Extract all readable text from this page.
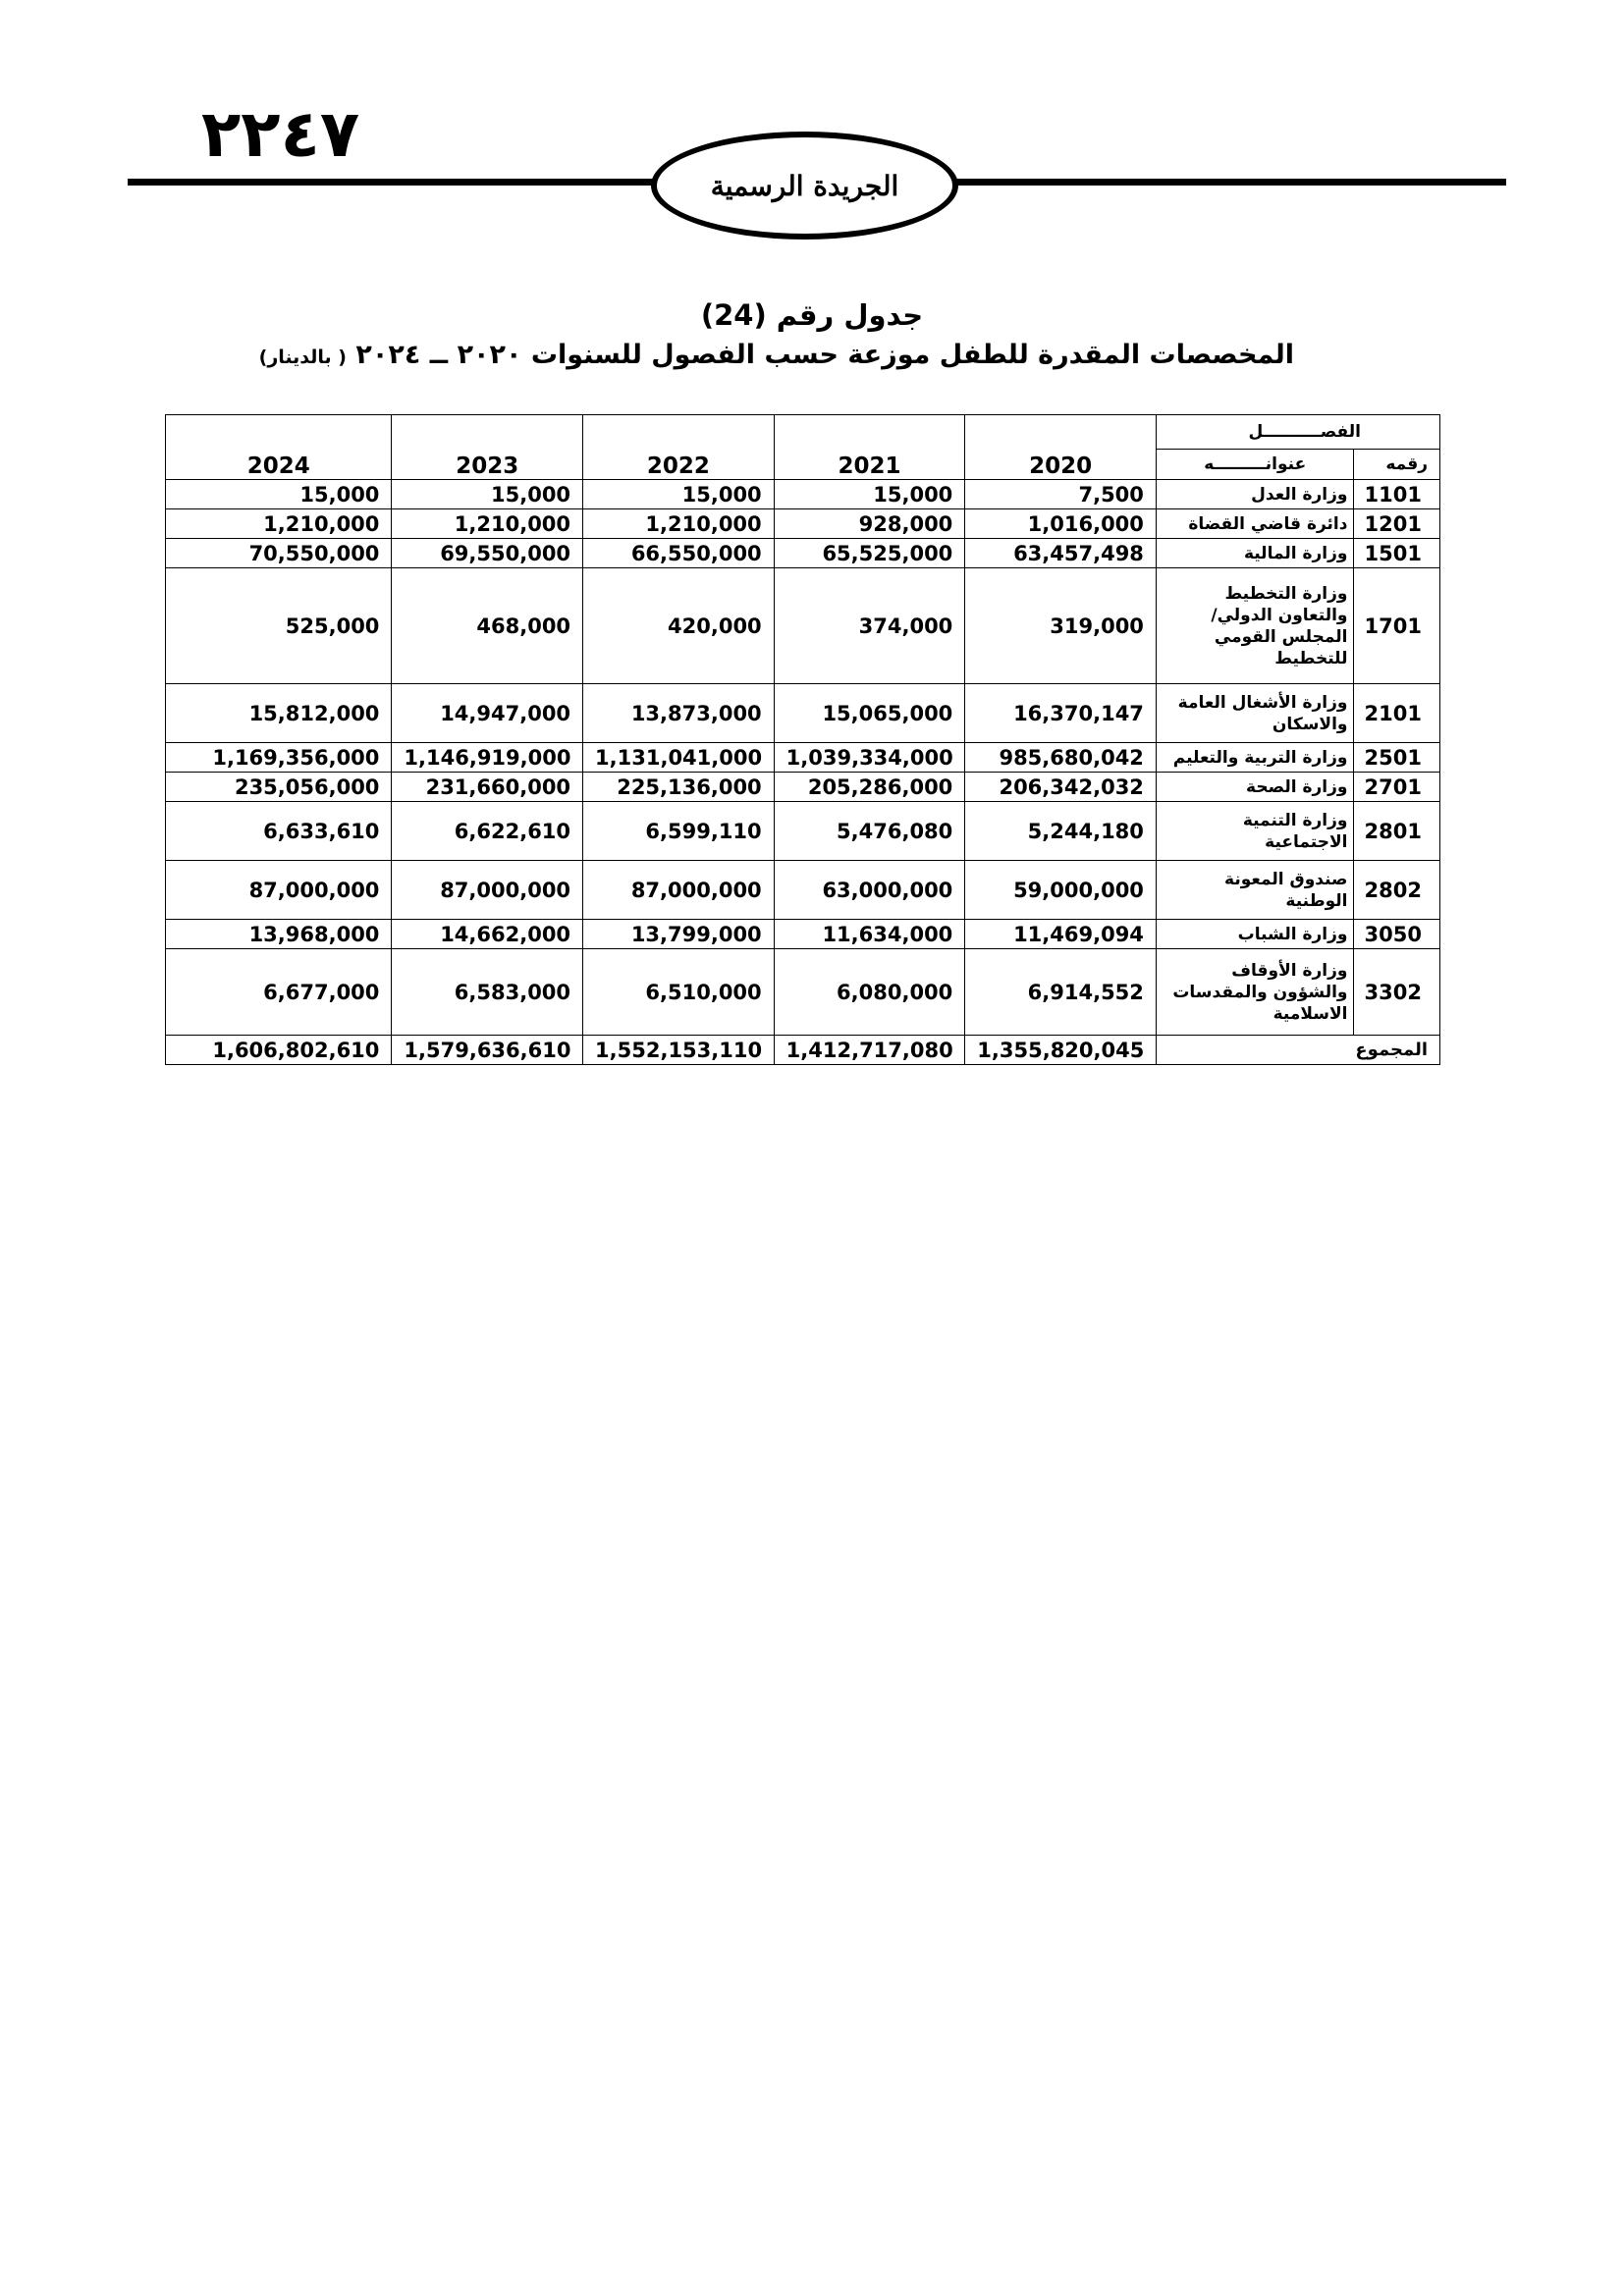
٢٢٤٧
الجريدة الرسمية
جدول رقم (24)
المخصصات المقدرة للطفل موزعة حسب الفصول للسنوات ٢٠٢٠ ــ ٢٠٢٤ ( بالدينار)
الفصــــــــــل		2020	2021	2022	2023	2024
رقمه	عنوانـــــــــه					
1101	وزارة العدل	7,500	15,000	15,000	15,000	15,000
1201	دائرة قاضي القضاة	1,016,000	928,000	1,210,000	1,210,000	1,210,000
1501	وزارة المالية	63,457,498	65,525,000	66,550,000	69,550,000	70,550,000
1701	وزارة التخطيط والتعاون الدولي/ المجلس القومي للتخطيط	319,000	374,000	420,000	468,000	525,000
2101	وزارة الأشغال العامة والاسكان	16,370,147	15,065,000	13,873,000	14,947,000	15,812,000
2501	وزارة التربية والتعليم	985,680,042	1,039,334,000	1,131,041,000	1,146,919,000	1,169,356,000
2701	وزارة الصحة	206,342,032	205,286,000	225,136,000	231,660,000	235,056,000
2801	وزارة التنمية الاجتماعية	5,244,180	5,476,080	6,599,110	6,622,610	6,633,610
2802	صندوق المعونة الوطنية	59,000,000	63,000,000	87,000,000	87,000,000	87,000,000
3050	وزارة الشباب	11,469,094	11,634,000	13,799,000	14,662,000	13,968,000
3302	وزارة الأوقاف والشؤون والمقدسات الاسلامية	6,914,552	6,080,000	6,510,000	6,583,000	6,677,000
المجموع		1,355,820,045	1,412,717,080	1,552,153,110	1,579,636,610	1,606,802,610
